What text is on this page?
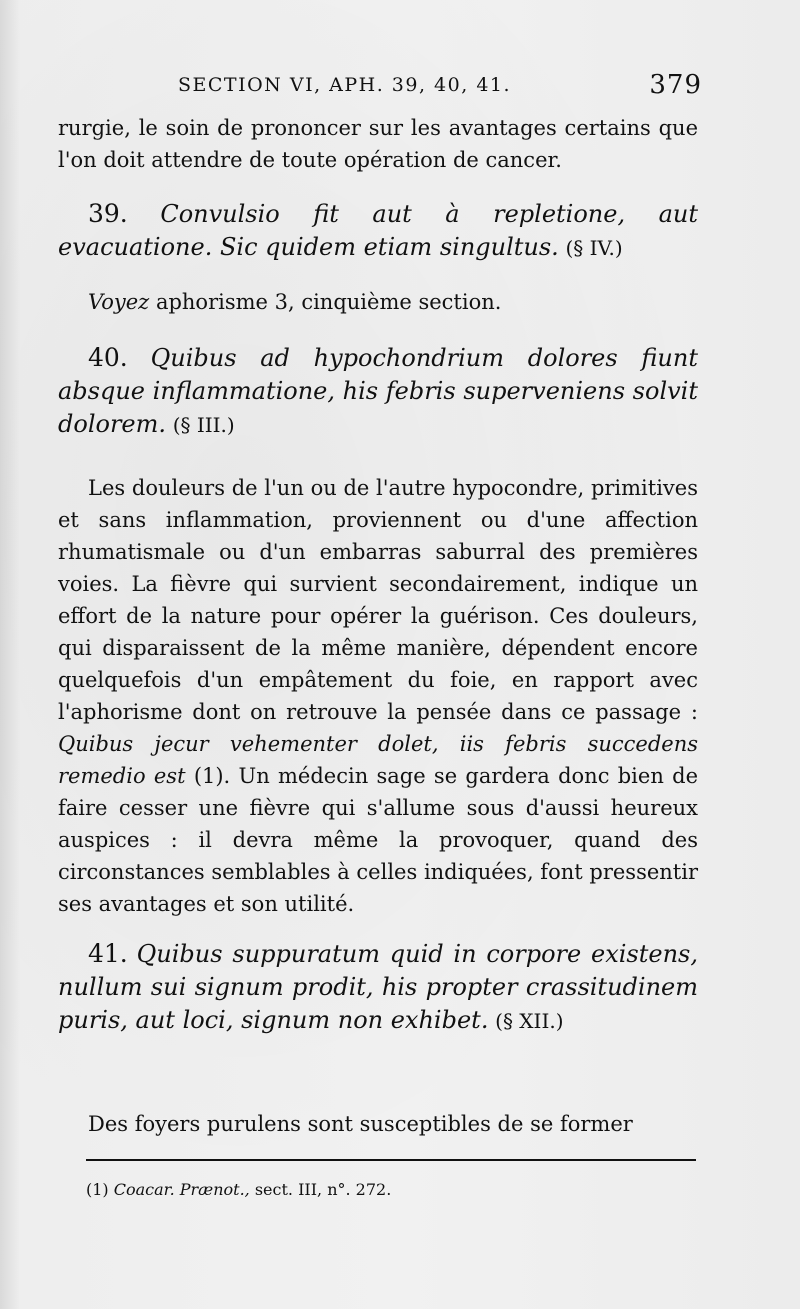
SECTION VI, APH. 39, 40, 41.	379

rurgie, le soin de prononcer sur les avantages certains que l'on doit attendre de toute opération de cancer.

39. Convulsio fit aut à repletione, aut evacuatione. Sic quidem etiam singultus. (§ IV.)

Voyez aphorisme 3, cinquième section.

40. Quibus ad hypochondrium dolores fiunt absque inflammatione, his febris superveniens solvit dolorem. (§ III.)

Les douleurs de l'un ou de l'autre hypocondre, primitives et sans inflammation, proviennent ou d'une affection rhumatismale ou d'un embarras saburral des premières voies. La fièvre qui survient secondairement, indique un effort de la nature pour opérer la guérison. Ces douleurs, qui disparaissent de la même manière, dépendent encore quelquefois d'un empâtement du foie, en rapport avec l'aphorisme dont on retrouve la pensée dans ce passage : Quibus jecur vehementer dolet, iis febris succedens remedio est (1). Un médecin sage se gardera donc bien de faire cesser une fièvre qui s'allume sous d'aussi heureux auspices : il devra même la provoquer, quand des circonstances semblables à celles indiquées, font pressentir ses avantages et son utilité.

41. Quibus suppuratum quid in corpore existens, nullum sui signum prodit, his propter crassitudinem puris, aut loci, signum non exhibet. (§ XII.)

Des foyers purulens sont susceptibles de se former

(1) Coacar. Prænot., sect. III, n°. 272.
